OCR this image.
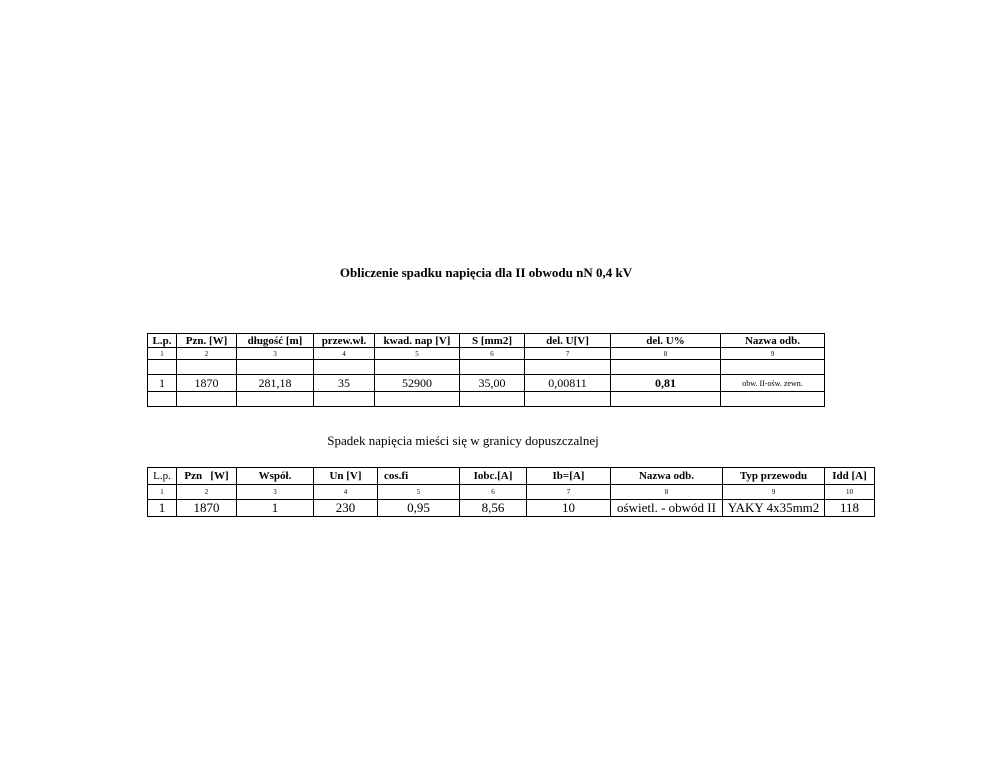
Obliczenie spadku napięcia dla II obwodu nN 0,4 kV
L.p.	Pzn. [W]	długość [m]	przew.wł.	kwad. nap [V]	S [mm2]	del. U[V]	del. U%	Nazwa odb.
1	2	3	4	5	6	7	8	9

1	1870	281,18	35	52900	35,00	0,00811	0,81	obw. II-ośw. zewn.

Spadek napięcia mieści się w granicy dopuszczalnej
L.p.	Pzn   [W]	Współ.	Un [V]	cos.fi	Iobc.[A]	Ib=[A]	Nazwa odb.	Typ przewodu	Idd [A]
1	2	3	4	5	6	7	8	9	10
1	1870	1	230	0,95	8,56	10	oświetl. - obwód II	YAKY 4x35mm2	118
